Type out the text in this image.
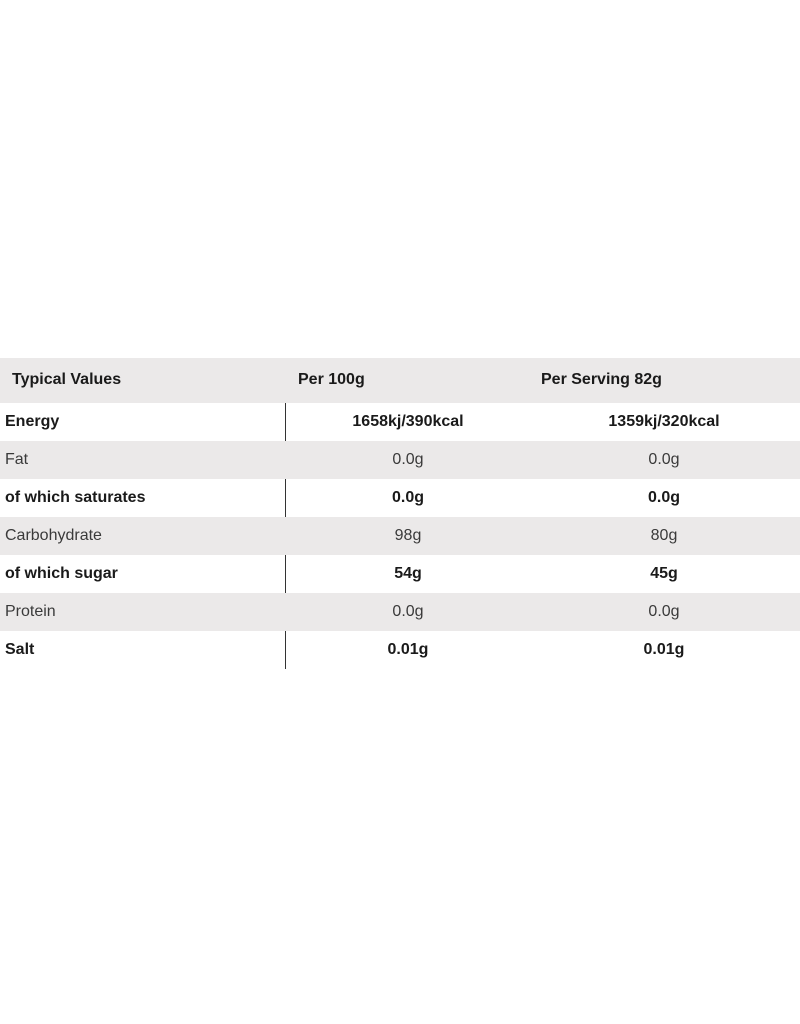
Typical Values	Per 100g	Per Serving 82g
Energy	1658kj/390kcal	1359kj/320kcal
Fat	0.0g	0.0g
of which saturates	0.0g	0.0g
Carbohydrate	98g	80g
of which sugar	54g	45g
Protein	0.0g	0.0g
Salt	0.01g	0.01g
